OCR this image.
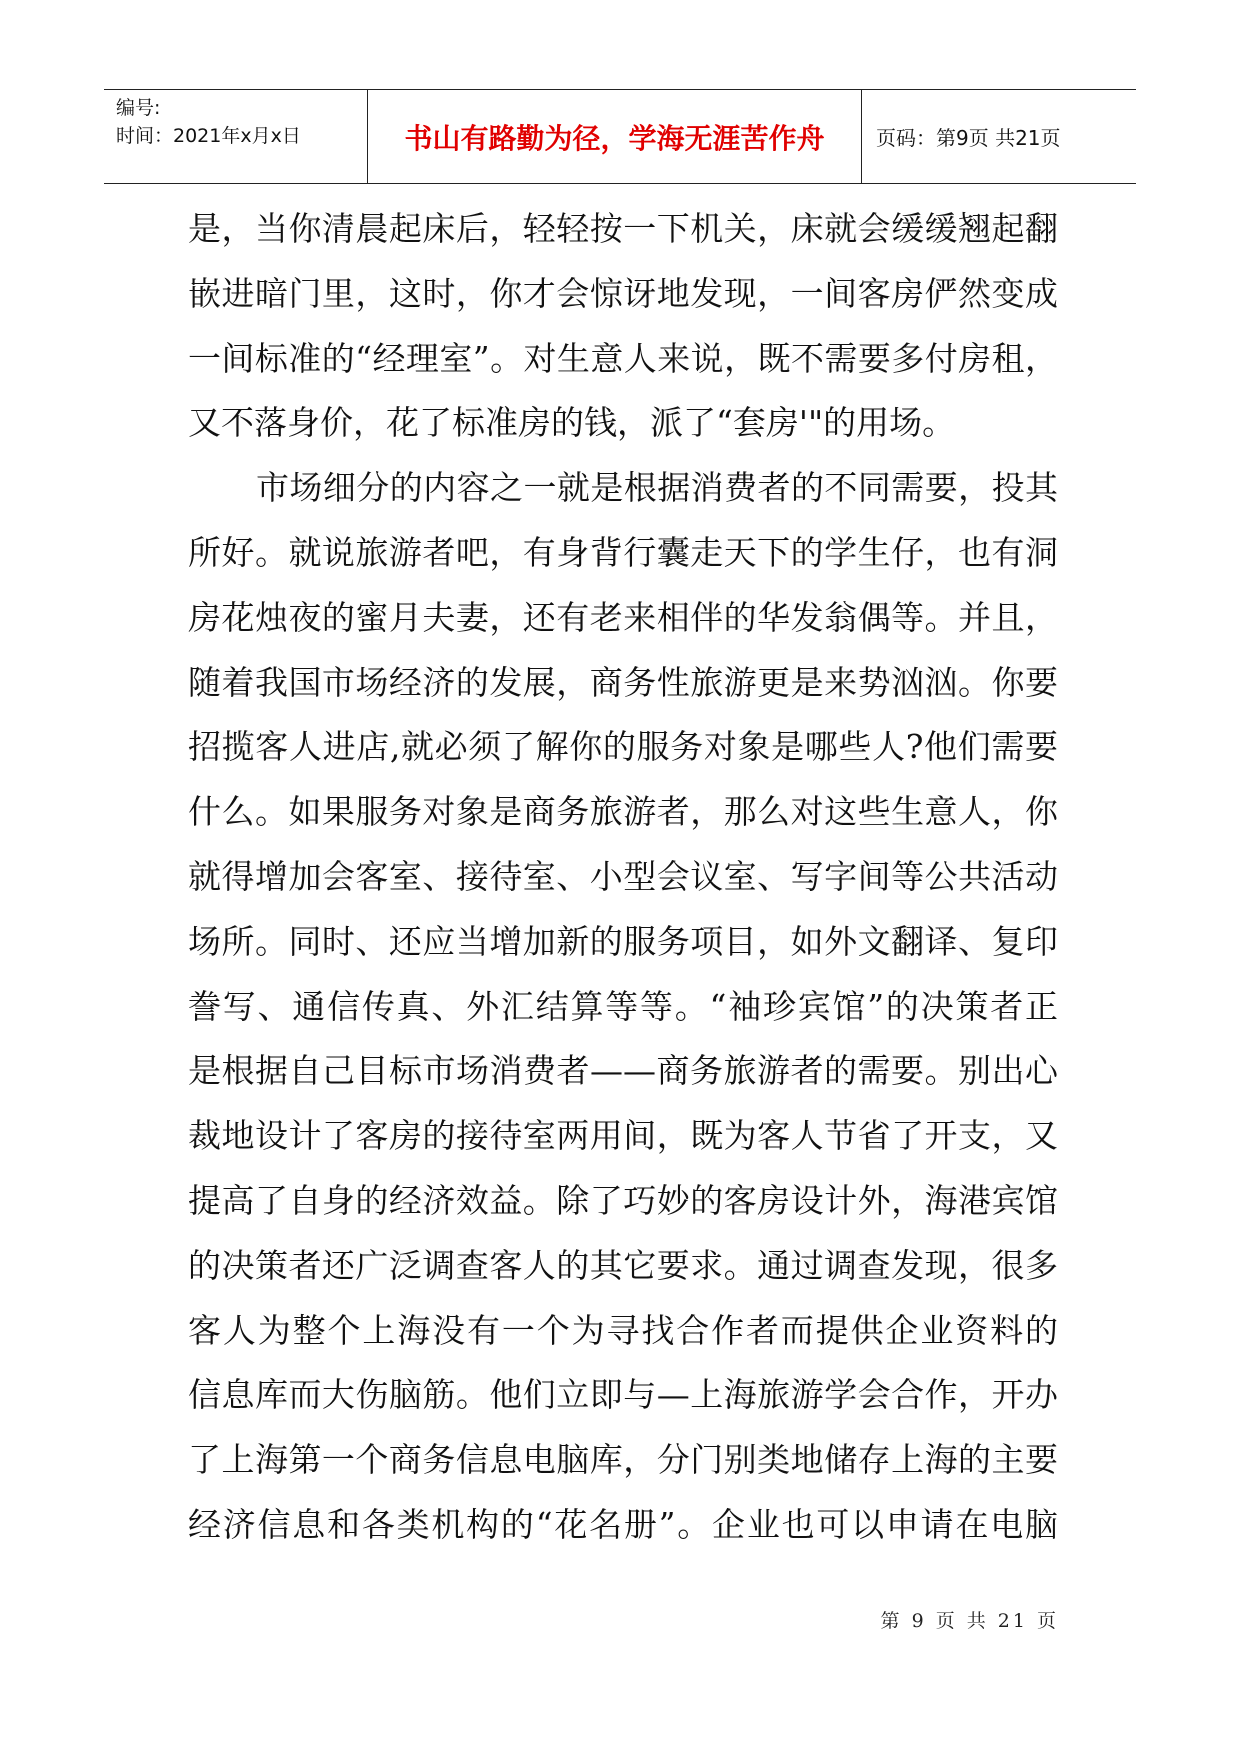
编号:
时间：2021年x月x日	书山有路勤为径，学海无涯苦作舟	页码：第9页 共21页
是，当你清晨起床后，轻轻按一下机关，床就会缓缓翘起翻
嵌进暗门里，这时，你才会惊讶地发现，一间客房俨然变成
一间标准的“经理室”。对生意人来说，既不需要多付房租，
又不落身价，花了标准房的钱，派了“套房'"的用场。
市场细分的内容之一就是根据消费者的不同需要，投其
所好。就说旅游者吧，有身背行囊走天下的学生仔，也有洞
房花烛夜的蜜月夫妻，还有老来相伴的华发翁偶等。并且，
随着我国市场经济的发展，商务性旅游更是来势汹汹。你要
招揽客人进店,就必须了解你的服务对象是哪些人?他们需要
什么。如果服务对象是商务旅游者，那么对这些生意人，你
就得增加会客室、接待室、小型会议室、写字间等公共活动
场所。同时、还应当增加新的服务项目，如外文翻译、复印
誊写、通信传真、外汇结算等等。“袖珍宾馆”的决策者正
是根据自己目标市场消费者——商务旅游者的需要。别出心
裁地设计了客房的接待室两用间，既为客人节省了开支，又
提高了自身的经济效益。除了巧妙的客房设计外，海港宾馆
的决策者还广泛调查客人的其它要求。通过调查发现，很多
客人为整个上海没有一个为寻找合作者而提供企业资料的
信息库而大伤脑筋。他们立即与—上海旅游学会合作，开办
了上海第一个商务信息电脑库，分门别类地储存上海的主要
经济信息和各类机构的“花名册”。企业也可以申请在电脑
第 9 页 共 21 页
